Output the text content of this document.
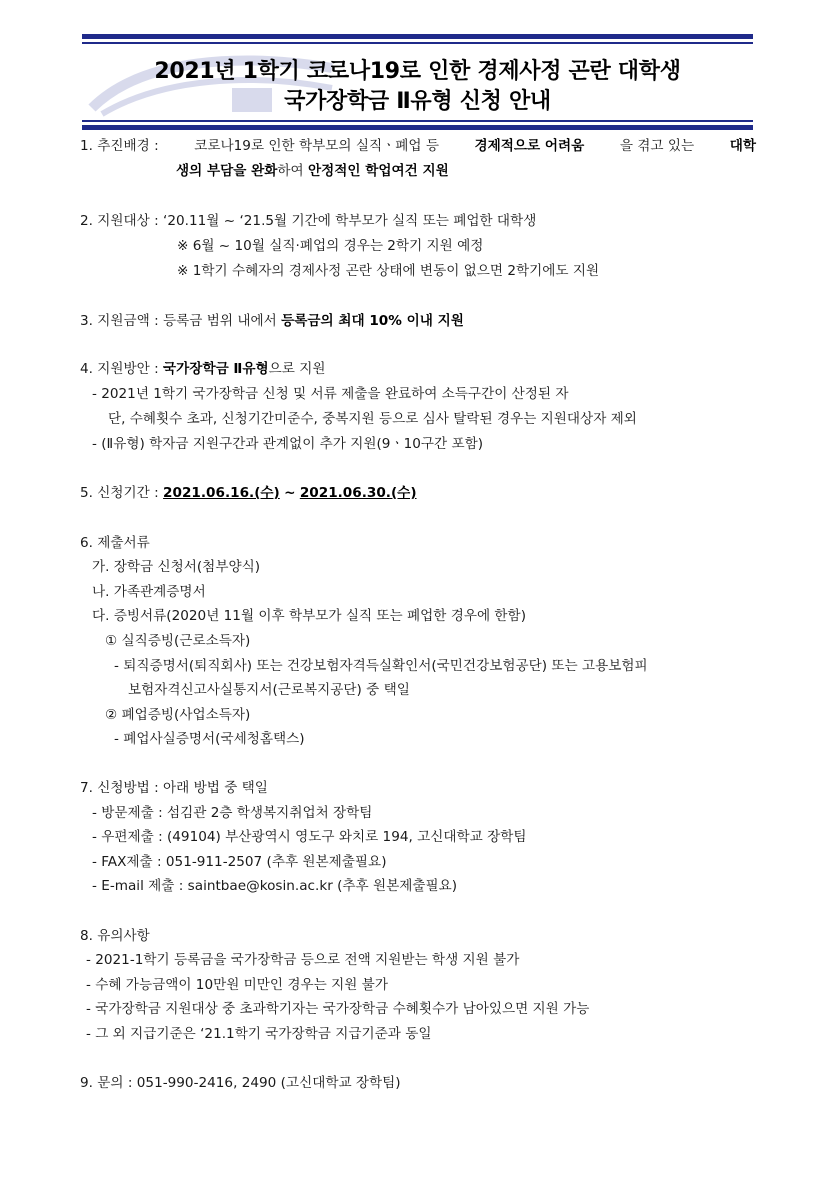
2021년 1학기 코로나19로 인한 경제사정 곤란 대학생
국가장학금 Ⅱ유형 신청 안내
1. 추진배경 :	코로나19로 인한 학부모의 실직ㆍ폐업 등	경제적으로 어려움	을 겪고 있는	대학
생의 부담을 완화하여 안정적인 학업여건 지원
2. 지원대상 : ‘20.11월 ~ ‘21.5월 기간에 학부모가 실직 또는 폐업한 대학생
※ 6월 ~ 10월 실직·폐업의 경우는 2학기 지원 예정
※ 1학기 수혜자의 경제사정 곤란 상태에 변동이 없으면 2학기에도 지원
3. 지원금액 : 등록금 범위 내에서 등록금의 최대 10% 이내 지원
4. 지원방안 : 국가장학금 Ⅱ유형으로 지원
- 2021년 1학기 국가장학금 신청 및 서류 제출을 완료하여 소득구간이 산정된 자
단, 수혜횟수 초과, 신청기간미준수, 중복지원 등으로 심사 탈락된 경우는 지원대상자 제외
- (Ⅱ유형) 학자금 지원구간과 관계없이 추가 지원(9ㆍ10구간 포함)
5. 신청기간 : 2021.06.16.(수) ~ 2021.06.30.(수)
6. 제출서류
가. 장학금 신청서(첨부양식)
나. 가족관계증명서
다. 증빙서류(2020년 11월 이후 학부모가 실직 또는 폐업한 경우에 한함)
① 실직증빙(근로소득자)
- 퇴직증명서(퇴직회사) 또는 건강보험자격득실확인서(국민건강보험공단) 또는 고용보험피
보험자격신고사실통지서(근로복지공단) 중 택일
② 폐업증빙(사업소득자)
- 폐업사실증명서(국세청홈택스)
7. 신청방법 : 아래 방법 중 택일
- 방문제출 : 섬김관 2층 학생복지취업처 장학팀
- 우편제출 : (49104) 부산광역시 영도구 와치로 194, 고신대학교 장학팀
- FAX제출 : 051-911-2507 (추후 원본제출필요)
- E-mail 제출 : saintbae@kosin.ac.kr (추후 원본제출필요)
8. 유의사항
- 2021-1학기 등록금을 국가장학금 등으로 전액 지원받는 학생 지원 불가
- 수혜 가능금액이 10만원 미만인 경우는 지원 불가
- 국가장학금 지원대상 중 초과학기자는 국가장학금 수혜횟수가 남아있으면 지원 가능
- 그 외 지급기준은 ‘21.1학기 국가장학금 지급기준과 동일
9. 문의 : 051-990-2416, 2490 (고신대학교 장학팀)
